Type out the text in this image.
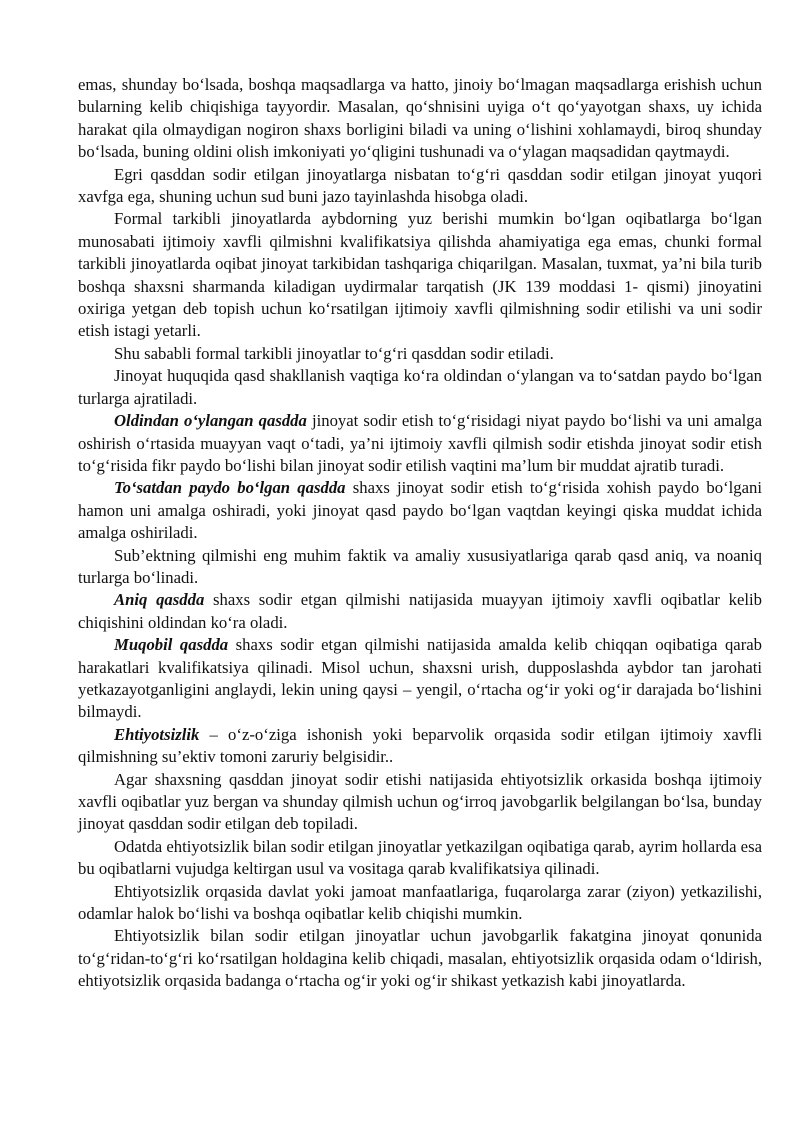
emas, shunday bo‘lsada, boshqa maqsadlarga va hatto, jinoiy bo‘lmagan maqsadlarga erishish uchun bularning kelib chiqishiga tayyordir. Masalan, qo‘shnisini uyiga o‘t qo‘yayotgan shaxs, uy ichida harakat qila olmaydigan nogiron shaxs borligini biladi va uning o‘lishini xohlamaydi, biroq shunday bo‘lsada, buning oldini olish imkoniyati yo‘qligini tushunadi va o‘ylagan maqsadidan qaytmaydi.

Egri qasddan sodir etilgan jinoyatlarga nisbatan to‘g‘ri qasddan sodir etilgan jinoyat yuqori xavfga ega, shuning uchun sud buni jazo tayinlashda hisobga oladi.

Formal tarkibli jinoyatlarda aybdorning yuz berishi mumkin bo‘lgan oqibatlarga bo‘lgan munosabati ijtimoiy xavfli qilmishni kvalifikatsiya qilishda ahamiyatiga ega emas, chunki formal tarkibli jinoyatlarda oqibat jinoyat tarkibidan tashqariga chiqarilgan. Masalan, tuxmat, ya’ni bila turib boshqa shaxsni sharmanda kiladigan uydirmalar tarqatish (JK 139 moddasi 1- qismi) jinoyatini oxiriga yetgan deb topish uchun ko‘rsatilgan ijtimoiy xavfli qilmishning sodir etilishi va uni sodir etish istagi yetarli.

Shu sababli formal tarkibli jinoyatlar to‘g‘ri qasddan sodir etiladi.

Jinoyat huquqida qasd shakllanish vaqtiga ko‘ra oldindan o‘ylangan va to‘satdan paydo bo‘lgan turlarga ajratiladi.

Oldindan o‘ylangan qasdda jinoyat sodir etish to‘g‘risidagi niyat paydo bo‘lishi va uni amalga oshirish o‘rtasida muayyan vaqt o‘tadi, ya’ni ijtimoiy xavfli qilmish sodir etishda jinoyat sodir etish to‘g‘risida fikr paydo bo‘lishi bilan jinoyat sodir etilish vaqtini ma’lum bir muddat ajratib turadi.

To‘satdan paydo bo‘lgan qasdda shaxs jinoyat sodir etish to‘g‘risida xohish paydo bo‘lgani hamon uni amalga oshiradi, yoki jinoyat qasd paydo bo‘lgan vaqtdan keyingi qiska muddat ichida amalga oshiriladi.

Sub’ektning qilmishi eng muhim faktik va amaliy xususiyatlariga qarab qasd aniq, va noaniq turlarga bo‘linadi.

Aniq qasdda shaxs sodir etgan qilmishi natijasida muayyan ijtimoiy xavfli oqibatlar kelib chiqishini oldindan ko‘ra oladi.

Muqobil qasdda shaxs sodir etgan qilmishi natijasida amalda kelib chiqqan oqibatiga qarab harakatlari kvalifikatsiya qilinadi. Misol uchun, shaxsni urish, dupposlashda aybdor tan jarohati yetkazayotganligini anglaydi, lekin uning qaysi – yengil, o‘rtacha og‘ir yoki og‘ir darajada bo‘lishini bilmaydi.

Ehtiyotsizlik – o‘z-o‘ziga ishonish yoki beparvolik orqasida sodir etilgan ijtimoiy xavfli qilmishning su’ektiv tomoni zaruriy belgisidir..

Agar shaxsning qasddan jinoyat sodir etishi natijasida ehtiyotsizlik orkasida boshqa ijtimoiy xavfli oqibatlar yuz bergan va shunday qilmish uchun og‘irroq javobgarlik belgilangan bo‘lsa, bunday jinoyat qasddan sodir etilgan deb topiladi.

Odatda ehtiyotsizlik bilan sodir etilgan jinoyatlar yetkazilgan oqibatiga qarab, ayrim hollarda esa bu oqibatlarni vujudga keltirgan usul va vositaga qarab kvalifikatsiya qilinadi.

Ehtiyotsizlik orqasida davlat yoki jamoat manfaatlariga, fuqarolarga zarar (ziyon) yetkazilishi, odamlar halok bo‘lishi va boshqa oqibatlar kelib chiqishi mumkin.

Ehtiyotsizlik bilan sodir etilgan jinoyatlar uchun javobgarlik fakatgina jinoyat qonunida to‘g‘ridan-to‘g‘ri ko‘rsatilgan holdagina kelib chiqadi, masalan, ehtiyotsizlik orqasida odam o‘ldirish, ehtiyotsizlik orqasida badanga o‘rtacha og‘ir yoki og‘ir shikast yetkazish kabi jinoyatlarda.
